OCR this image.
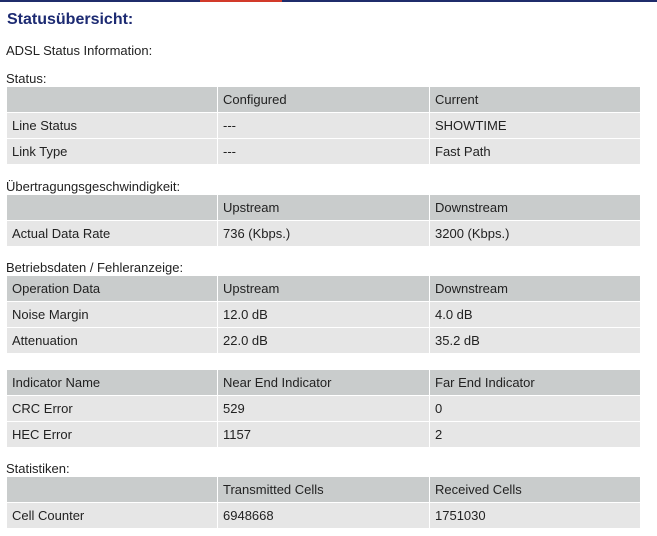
Statusübersicht:
ADSL Status Information:
Status:
	Configured	Current
Line Status	---	SHOWTIME
Link Type	---	Fast Path
Übertragungsgeschwindigkeit:
	Upstream	Downstream
Actual Data Rate	736 (Kbps.)	3200 (Kbps.)
Betriebsdaten / Fehleranzeige:
Operation Data	Upstream	Downstream
Noise Margin	12.0 dB	4.0 dB
Attenuation	22.0 dB	35.2 dB
Indicator Name	Near End Indicator	Far End Indicator
CRC Error	529	0
HEC Error	1157	2
Statistiken:
	Transmitted Cells	Received Cells
Cell Counter	6948668	1751030
